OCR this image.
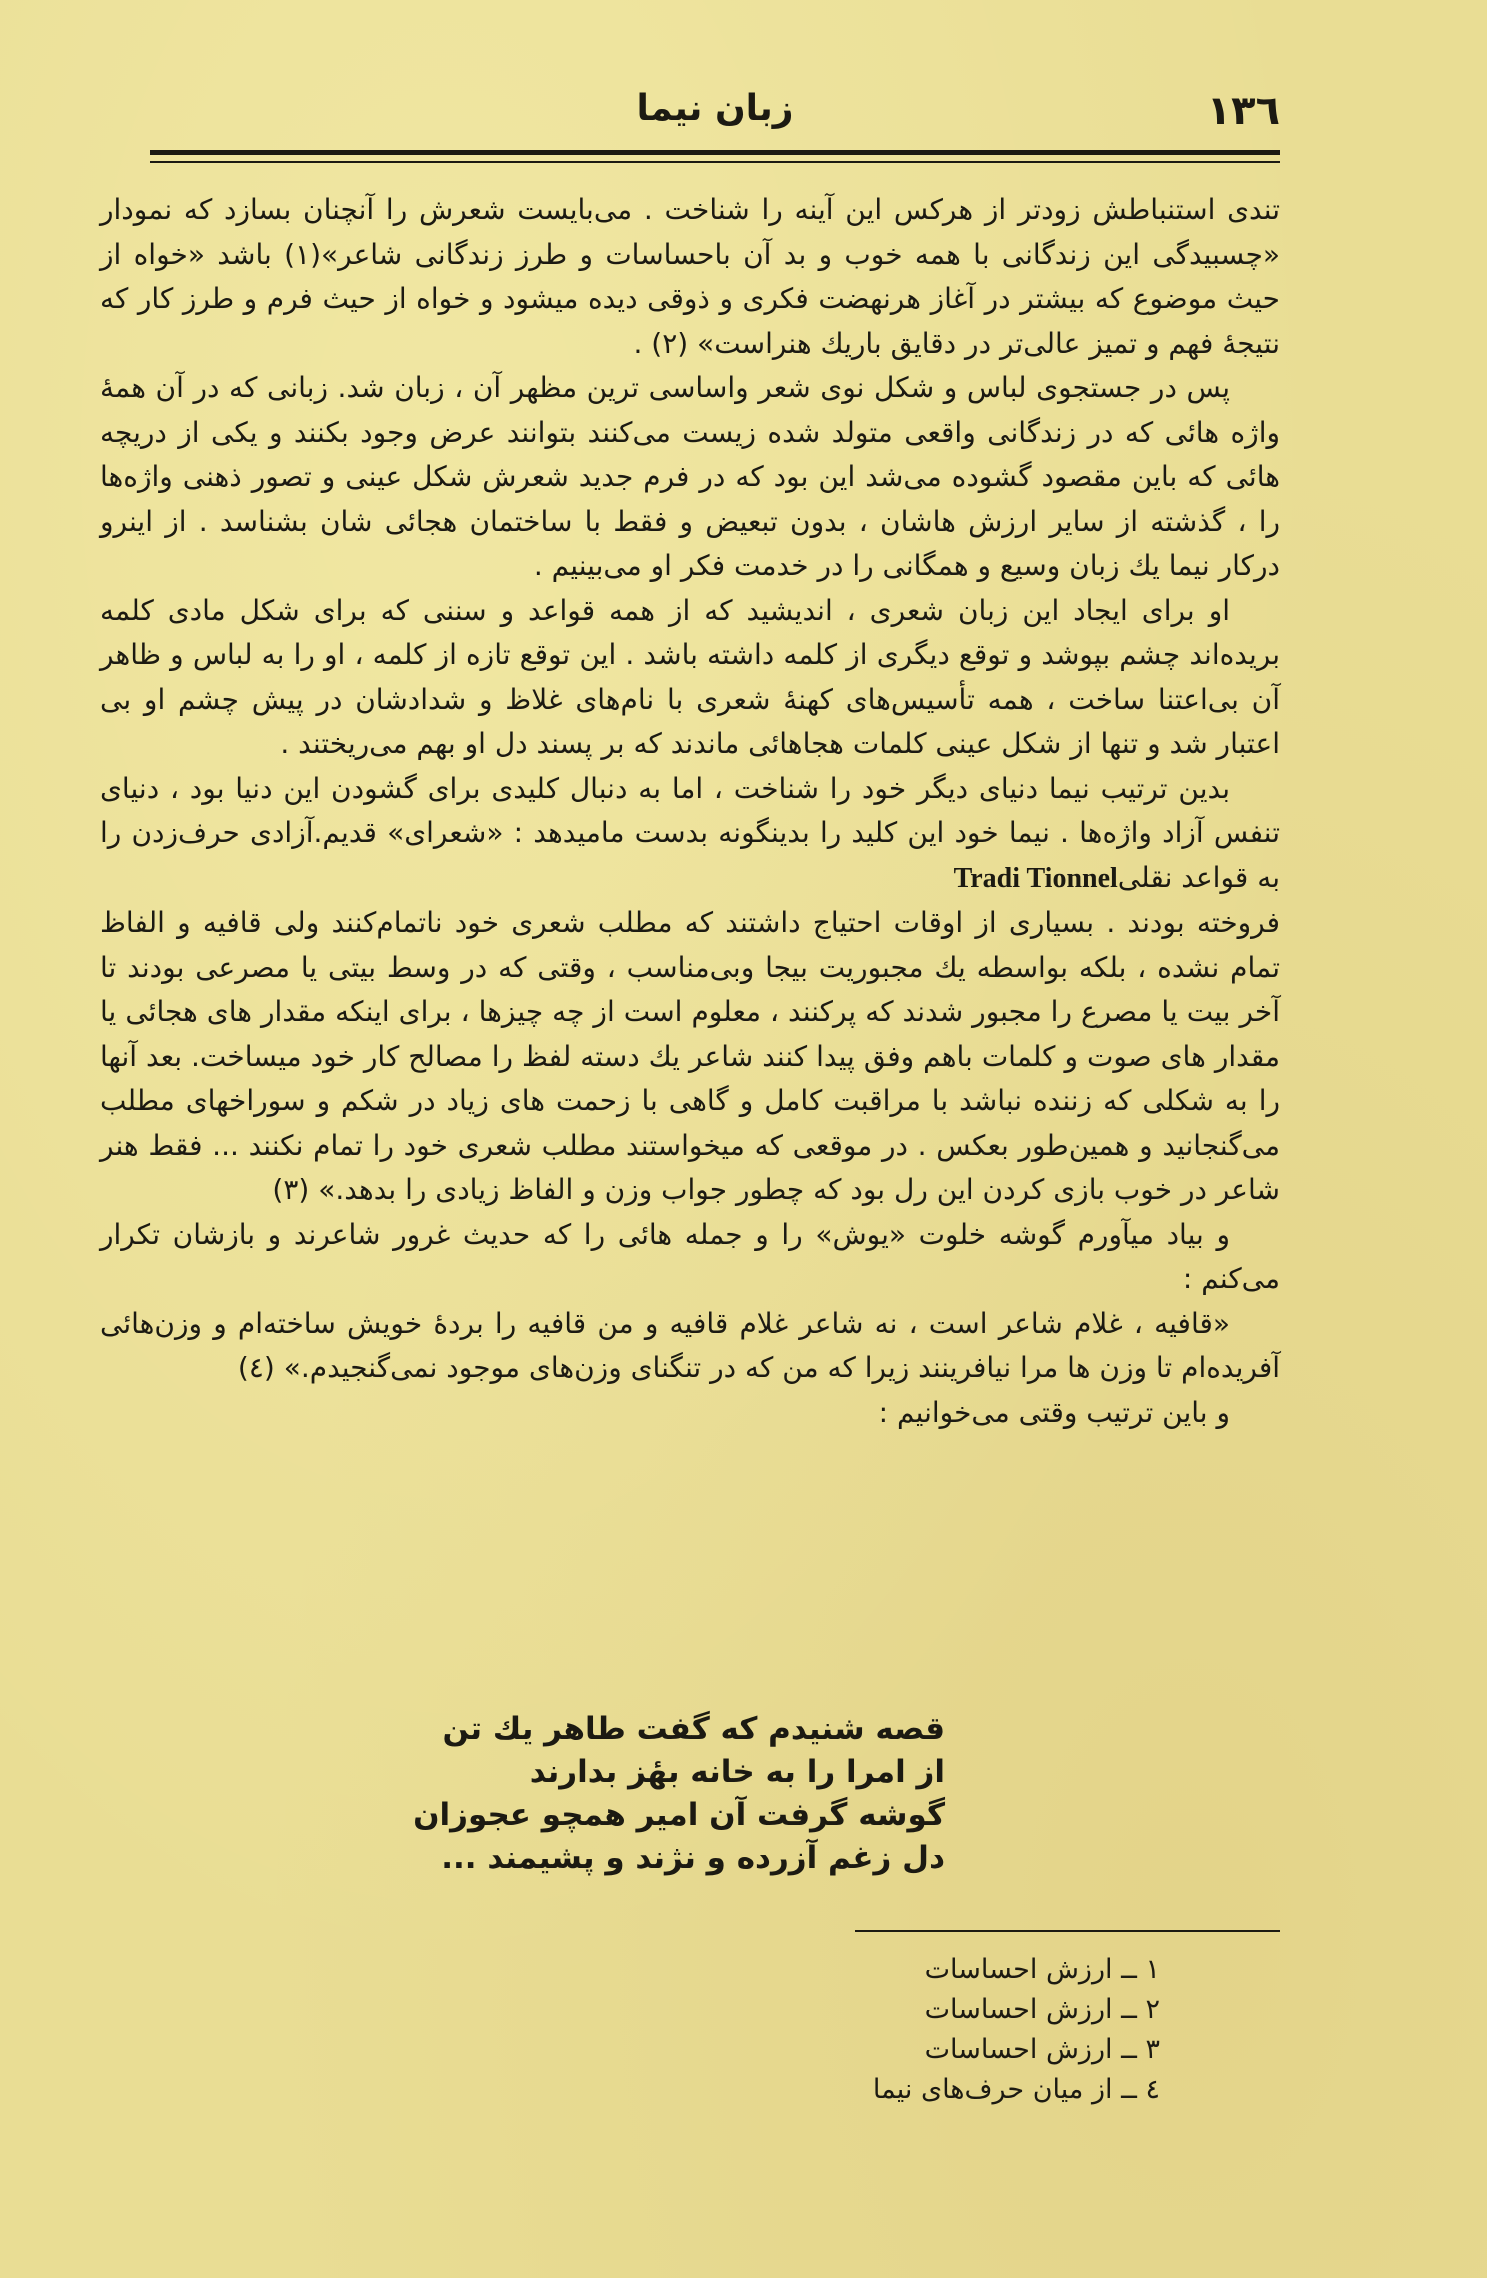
۱۳٦
زبان نیما

تندی استنباطش زودتر از هرکس این آینه را شناخت . می‌بایست شعرش را آنچنان بسازد که نمودار «چسبیدگی این زندگانی با همه خوب و بد آن باحساسات و طرز زندگانی شاعر»(۱) باشد «خواه از حیث موضوع که بیشتر در آغاز هرنهضت فکری و ذوقی دیده میشود و خواه از حیث فرم و طرز کار که نتیجهٔ فهم و تمیز عالی‌تر در دقایق باریك هنراست» (۲) .

پس در جستجوی لباس و شکل نوی شعر واساسی ترین مظهر آن ، زبان شد. زبانی که در آن همهٔ واژه هائی که در زندگانی واقعی متولد شده زیست می‌کنند بتوانند عرض وجود بکنند و یکی از دریچه هائی که باین مقصود گشوده می‌شد این بود که در فرم جدید شعرش شکل عینی و تصور ذهنی واژه‌ها را ، گذشته از سایر ارزش هاشان ، بدون تبعیض و فقط با ساختمان هجائی شان بشناسد . از اینرو درکار نیما یك زبان وسیع و همگانی را در خدمت فکر او می‌بینیم .

او برای ایجاد این زبان شعری ، اندیشید که از همه قواعد و سننی که برای شکل مادی کلمه بریده‌اند چشم بپوشد و توقع دیگری از کلمه داشته باشد . این توقع تازه از کلمه ، او را به لباس و ظاهر آن بی‌اعتنا ساخت ، همه تأسیس‌های کهنهٔ شعری با نام‌های غلاظ و شدادشان در پیش چشم او بی اعتبار شد و تنها از شکل عینی کلمات هجاهائی ماندند که بر پسند دل او بهم می‌ریختند .

بدین ترتیب نیما دنیای دیگر خود را شناخت ، اما به دنبال کلیدی برای گشودن این دنیا بود ، دنیای تنفس آزاد واژه‌ها . نیما خود این کلید را بدینگونه بدست ماميدهد : «شعرای» قدیم.آزادی حرف‌زدن را به قواعد نقلیTradi Tionnel

فروخته بودند . بسیاری از اوقات احتیاج داشتند که مطلب شعری خود ناتمام‌کنند ولی قافیه و الفاظ تمام نشده ، بلکه بواسطه یك مجبوریت بیجا وبی‌مناسب ، وقتی که در وسط بیتی یا مصرعی بودند تا آخر بیت یا مصرع را مجبور شدند که پرکنند ، معلوم است از چه چیزها ، برای اینکه مقدار های هجائی یا مقدار های صوت و کلمات باهم وفق پیدا کنند شاعر یك دسته لفظ را مصالح کار خود میساخت. بعد آنها را به شکلی که زننده نباشد با مراقبت کامل و گاهی با زحمت های زیاد در شکم و سوراخهای مطلب می‌گنجانید و همین‌طور بعکس . در موقعی که میخواستند مطلب شعری خود را تمام نکنند ... فقط هنر شاعر در خوب بازی کردن این رل بود که چطور جواب وزن و الفاظ زیادی را بدهد.» (۳)

و بیاد میآورم گوشه خلوت «یوش» را و جمله هائی را که حدیث غرور شاعرند و بازشان تکرار می‌کنم :

«قافیه ، غلام شاعر است ، نه شاعر غلام قافیه و من قافیه را بردهٔ خویش ساخته‌ام و وزن‌هائی آفریده‌ام تا وزن ها مرا نیافرینند زیرا که من که در تنگنای وزن‌های موجود نمی‌گنجیدم.» (٤)

و باین ترتیب وقتی می‌خوانیم :

قصه شنیدم که گفت طاهر یك تن
از امرا را به خانه بهٔز بدارند
گوشه گرفت آن امیر همچو عجوزان
دل زغم آزرده و نژند و پشیمند ...
۱ ــ ارزش احساسات
۲ ــ ارزش احساسات
۳ ــ ارزش احساسات
٤ ــ از میان حرف‌های نیما
